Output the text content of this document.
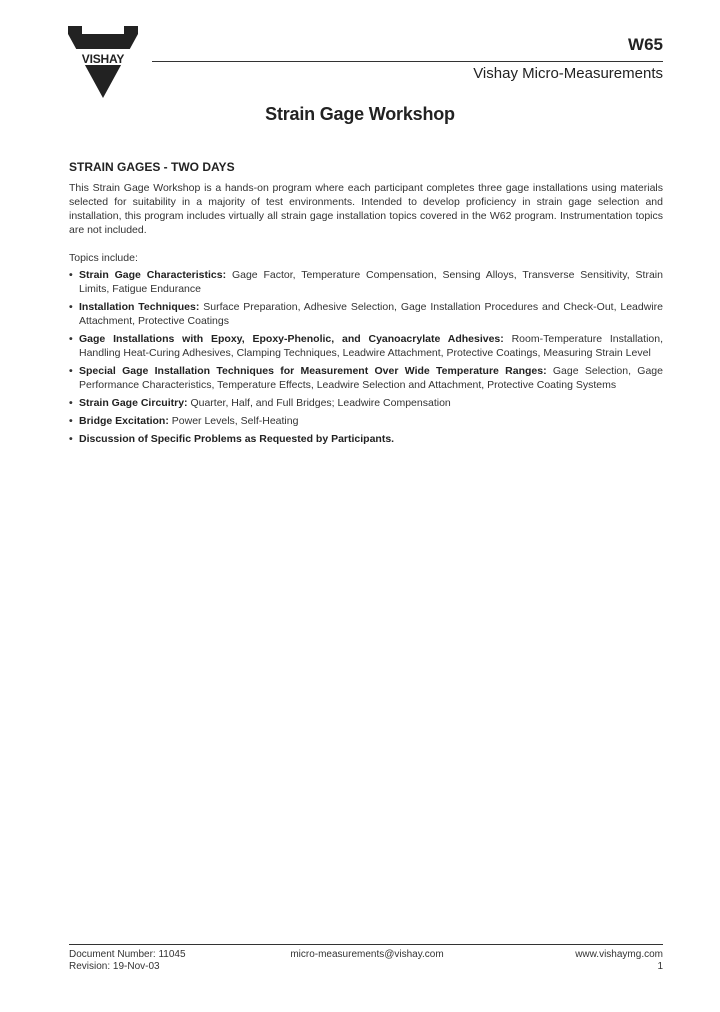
VISHAY
W65
Vishay Micro-Measurements
Strain Gage Workshop
STRAIN GAGES - TWO DAYS

This Strain Gage Workshop is a hands-on program where each participant completes three gage installations using materials selected for suitability in a majority of test environments. Intended to develop proficiency in strain gage selection and installation, this program includes virtually all strain gage installation topics covered in the W62 program. Instrumentation topics are not included.

Topics include:
• Strain Gage Characteristics: Gage Factor, Temperature Compensation, Sensing Alloys, Transverse Sensitivity, Strain Limits, Fatigue Endurance
• Installation Techniques: Surface Preparation, Adhesive Selection, Gage Installation Procedures and Check-Out, Leadwire Attachment, Protective Coatings
• Gage Installations with Epoxy, Epoxy-Phenolic, and Cyanoacrylate Adhesives: Room-Temperature Installation, Handling Heat-Curing Adhesives, Clamping Techniques, Leadwire Attachment, Protective Coatings, Measuring Strain Level
• Special Gage Installation Techniques for Measurement Over Wide Temperature Ranges: Gage Selection, Gage Performance Characteristics, Temperature Effects, Leadwire Selection and Attachment, Protective Coating Systems
• Strain Gage Circuitry: Quarter, Half, and Full Bridges; Leadwire Compensation
• Bridge Excitation: Power Levels, Self-Heating
• Discussion of Specific Problems as Requested by Participants.
Document Number: 11045
Revision: 19-Nov-03
micro-measurements@vishay.com	www.vishaymg.com
1
